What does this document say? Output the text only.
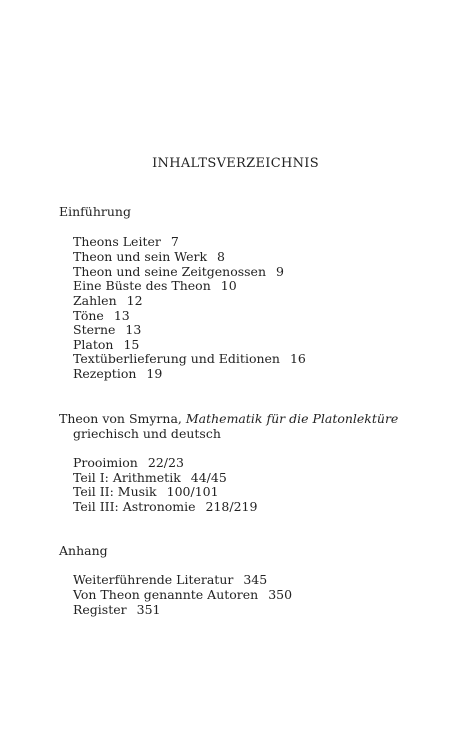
INHALTSVERZEICHNIS
Einführung
Theons Leiter 7
Theon und sein Werk 8
Theon und seine Zeitgenossen 9
Eine Büste des Theon 10
Zahlen 12
Töne 13
Sterne 13
Platon 15
Textüberlieferung und Editionen 16
Rezeption 19
Theon von Smyrna, Mathematik für die Platonlektüre
griechisch und deutsch
Prooimion 22/23
Teil I: Arithmetik 44/45
Teil II: Musik 100/101
Teil III: Astronomie 218/219
Anhang
Weiterführende Literatur 345
Von Theon genannte Autoren 350
Register 351
